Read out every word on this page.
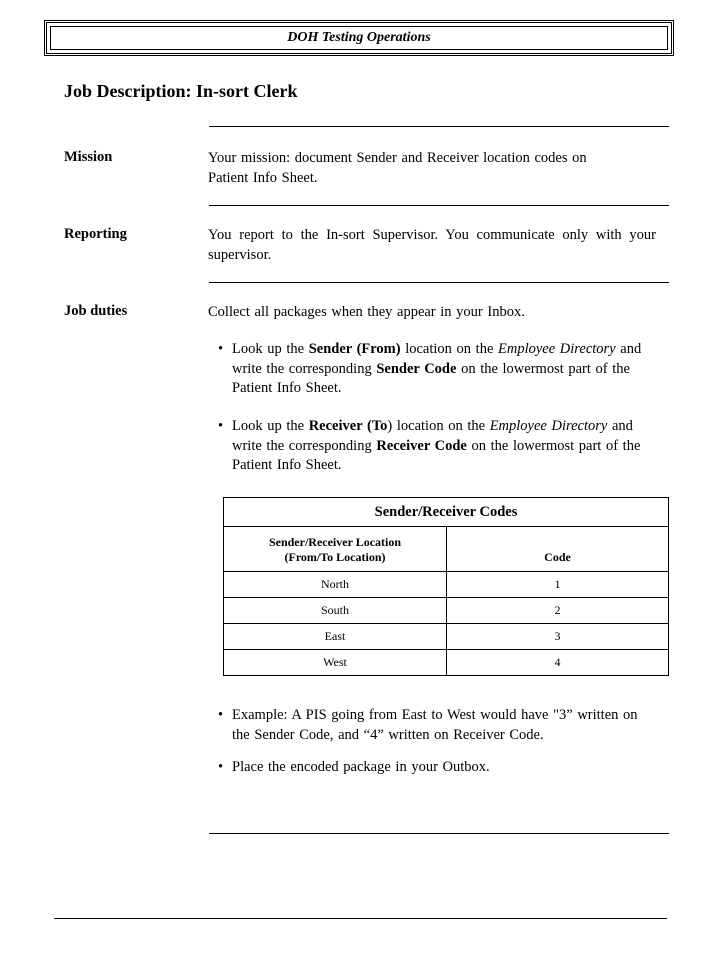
DOH Testing Operations
Job Description: In-sort Clerk
Mission	Your mission: document Sender and Receiver location codes on Patient Info Sheet.
Reporting	You report to the In-sort Supervisor. You communicate only with your supervisor.
Job duties	Collect all packages when they appear in your Inbox.
• Look up the Sender (From) location on the Employee Directory and write the corresponding Sender Code on the lowermost part of the Patient Info Sheet.
• Look up the Receiver (To) location on the Employee Directory and write the corresponding Receiver Code on the lowermost part of the Patient Info Sheet.
Sender/Receiver Codes	

Sender/Receiver Location
(From/To Location)	Code
North	1
South	2
East	3
West	4
• Example: A PIS going from East to West would have "3” written on the Sender Code, and “4” written on Receiver Code.
• Place the encoded package in your Outbox.
